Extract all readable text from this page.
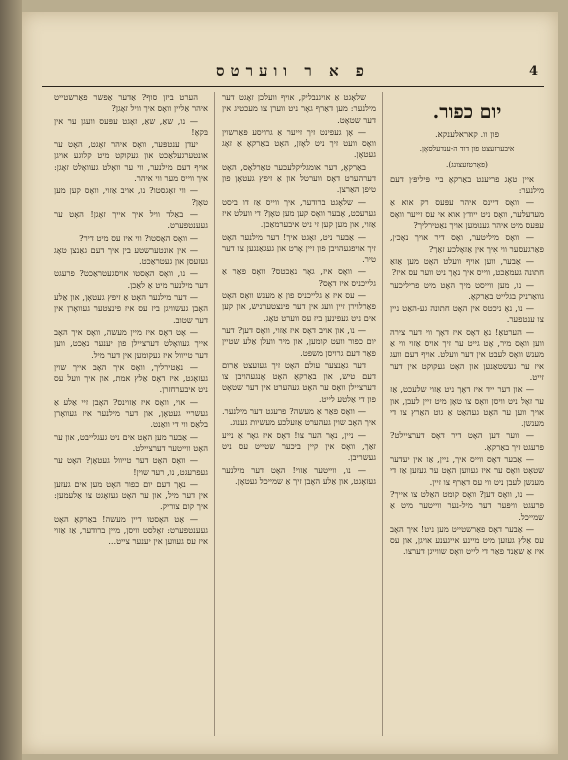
פ א ר ווערטס	4
יום כפור.
פון וו. קאראלענקא.
איבערזעצט פון דוד ה-ענדעלסאָן.
(פאָרטזעצונג).

איין טאָג פריענט באַרקאָ ביי פּיליפּ׳ן דעם מילנער:

— וואָס דיינס איהר עפּעס רק אוא אַ מעדעלער, וואָס ניט ייוד׳ן אוא אי עס זייער וואָס עפּעס מיט איהר גענוּמען אויך נאַטירליך?

— וואָס מיליטער, ואָס דיר אויך נאָכ׳ן, פאַרגעסער ווי אִיך אין אַזאָלכע זאַך?

— אַבער, ווען אויף וועלט האָט מען אַזאַ חתונה געמאַכט, ווייס איך נאָך ניט ווער עס איז?

— נו, מען ווייסט מיך האָט מיט פריליכער גוואַרניק בגלייט באַרקאָ.

— נו, נאָ ניכטס אין האָט חתונה גע-האַט ניין צו ענטפער.

— הערטאָ! נאָ דאָס איז דאָך ווי דער צירה ווען וואָס מיר, אָט גייט ער זיך אויס אַזוי ווי אַ מענש וואָס לעבט אין דער וועלט. אויף דעם וועג איז ער געשטאַנען און האָט געקוקט אין דער זייט.

— און דער ייד איז דאָך ניט אַזוי שלעכט, אַז ער זאָל ניט וויסן וואָס צו טאָן מיט זיין לעבן, און אויך ווען ער האָט געהאַט אַ גוט האַרץ צו די מענשן.

— ווער דען האָט דיר דאָס דערציילט? פרעגט זיך באַרקאָ.

— אַבער דאָס ווייס איך, ניין, אַז אין יעדער שטאָט וואָס ער איז געווען האָט ער געזען אַז די מענשן לעבן ניט ווי עס דאַרף צו זיין.

— נו, וואָס דען? וואָס קומט האַלט צו אייך? פרעגט וויפּער דער מיל-נער ווייטער מיט אַ שמייכל.

— אַבער דאָס פאַרשטייט מען ניט! איך האָב עס אַלץ געזען מיט מיינע אייגענע אויגן, און עס איז אַ שאַנד פאַר די לייט וואָס שווייגן דערצו.

שלאָגט אַ אויגנבליק, אויף וועלכן זאָגט דער מילנער: מען דאַרף גאָר ניט ווערן צו מעכטיג אין דער שטאָט.

— אָן געפינט זיך זייער אַ גרויסע פּאַרשוין וואָס וועט זיך ניט לאָזן, האָט באַרקאָ אַ זאָג געטאָן.

באַרקאָ, דער אומגליקלעכער טאַרלאָס, האָט דערהערט דאָס ווערטל און אַ זיפץ געטאָן פון טיפן האַרצן.

— שלאָגט ברודער, איך ווייס אַז דו ביסט גערעכט, אָבער וואָס קען מען טאָן? די וועלט איז אַזוי, און מען קען זי ניט איבערמאַכן.

— אַבער ניט, זאָגט איך! דער מילנער האָט זיך אויפגעהויבן פון זיין אָרט און געגאַנגען צו דער טיר.

— וואָס איז, גאָר נאַכטס? וואָס פאַר אַ גלייכניס איז דאָס?

— עס איז אַ גלייכניס פון אַ מענש וואָס האָט פאַרלוירן זיין וועג אין דער פינצטערניש, און קען אים ניט געפינען ביז עס ווערט טאָג.

— נו, און אויב דאָס איז אַזוי, וואָס דען? דער יום כפור וועט קומען, און מיר וועלן אַלע שטיין פאַר דעם גרויסן משפט.

דער גאַנצער עולם האָט זיך געזעצט אַרום דעם טיש, און באַרקאָ האָט אָנגעהויבן צו דערציילן וואָס ער האָט געהערט אין דער שטאָט פון די אַלטע לייט.

— וואָס פאַר אַ מעשה? פרעגט דער מילנער. איך האָב שוין געהערט אַזעלכע מעשיות גענוג.

— ניין, נאָר הער צו! דאָס איז גאָר אַ נייע זאַך, וואָס אין קיין ביכער שטייט עס ניט געשריבן.

— נו, ווייטער אַזוי! האָט דער מילנער געזאָגט, און אַלע האָבן זיך אַ שמייכל געטאָן.

הערט ביזן סוף? אַדער אַפשר פאַרשטייט איהר אַליין וואָס איך וויל זאָגן?

— נו, שאַ, שאַ, זאָגט עפּעס וועגן ער אין בּקאָ!

יעדן ענטפּער, וואָס איהר זאָגט, האָט ער אונטערגעלאַכט און געקוקט מיט קלוגע אויגן אויף דעם מילנער, ווי ער וואָלט געוואָלט זאָגן: איך ווייס מער ווי איהר.

— ווי זאָגסטו? נו, אויב אַזוי, וואָס קען מען טאָן?

— באַלד וויל איך אייך זאָגן! האָט ער געענטפערט.

— וואָס האָסטו? ווי איז עס מיט דיר?

— אין אונטערשטע בין איך דעם גאַנצן טאָג געזעסן און געטראַכט.

— נו, וואָס האָסטו אויסגעטראַכט? פרעגט דער מילנער מיט אַ לאַכן.

— דער מילנער האָט אַ זיפץ געטאָן, און אַלע האָבן געשוויגן ביז עס איז פינצטער געוואָרן אין דער שטוב.

— אָט דאָס איז מיין מעשה, וואָס איך האָב אייך געוואָלט דערציילן פון יענער נאַכט, ווען דער טייוול איז געקומען אין דער מיל.

— נאַטירליך, וואָס איך האָב אייך שוין געזאָגט, איז דאָס אַלץ אמת, און איך וועל עס ניט איבערחזרן.

— אוי, וואָס איז אַזוינס? האָבן זיי אַלע אַ געשריי געטאָן, און דער מילנער איז געוואָרן בלאַס ווי די וואַנט.

— אַבער מען האָט אים ניט געגלייבט, און ער האָט ווייטער דערציילט.

— וואָס האָט דער טייוול געטאָן? האָט ער געפרעגט, נו, רעד שוין!

— נאָך דעם יום כפור האָט מען אים געזען אין דער מיל, און ער האָט געזאָגט צו אַלעמען: איך קום צוריק.

— אָט האָסטו דיין מעשה! באַרקאָ האָט געענטפערט: זאָלסט וויסן, מיין ברודער, אַז אַזוי איז עס געווען אין יענער צייט...
